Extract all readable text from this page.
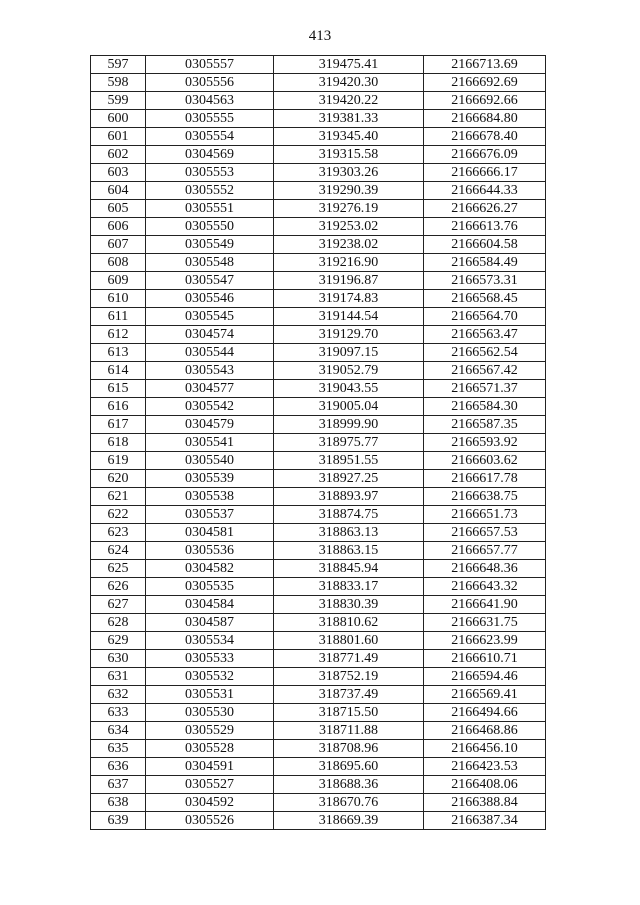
413
597	0305557	319475.41	2166713.69
598	0305556	319420.30	2166692.69
599	0304563	319420.22	2166692.66
600	0305555	319381.33	2166684.80
601	0305554	319345.40	2166678.40
602	0304569	319315.58	2166676.09
603	0305553	319303.26	2166666.17
604	0305552	319290.39	2166644.33
605	0305551	319276.19	2166626.27
606	0305550	319253.02	2166613.76
607	0305549	319238.02	2166604.58
608	0305548	319216.90	2166584.49
609	0305547	319196.87	2166573.31
610	0305546	319174.83	2166568.45
611	0305545	319144.54	2166564.70
612	0304574	319129.70	2166563.47
613	0305544	319097.15	2166562.54
614	0305543	319052.79	2166567.42
615	0304577	319043.55	2166571.37
616	0305542	319005.04	2166584.30
617	0304579	318999.90	2166587.35
618	0305541	318975.77	2166593.92
619	0305540	318951.55	2166603.62
620	0305539	318927.25	2166617.78
621	0305538	318893.97	2166638.75
622	0305537	318874.75	2166651.73
623	0304581	318863.13	2166657.53
624	0305536	318863.15	2166657.77
625	0304582	318845.94	2166648.36
626	0305535	318833.17	2166643.32
627	0304584	318830.39	2166641.90
628	0304587	318810.62	2166631.75
629	0305534	318801.60	2166623.99
630	0305533	318771.49	2166610.71
631	0305532	318752.19	2166594.46
632	0305531	318737.49	2166569.41
633	0305530	318715.50	2166494.66
634	0305529	318711.88	2166468.86
635	0305528	318708.96	2166456.10
636	0304591	318695.60	2166423.53
637	0305527	318688.36	2166408.06
638	0304592	318670.76	2166388.84
639	0305526	318669.39	2166387.34
